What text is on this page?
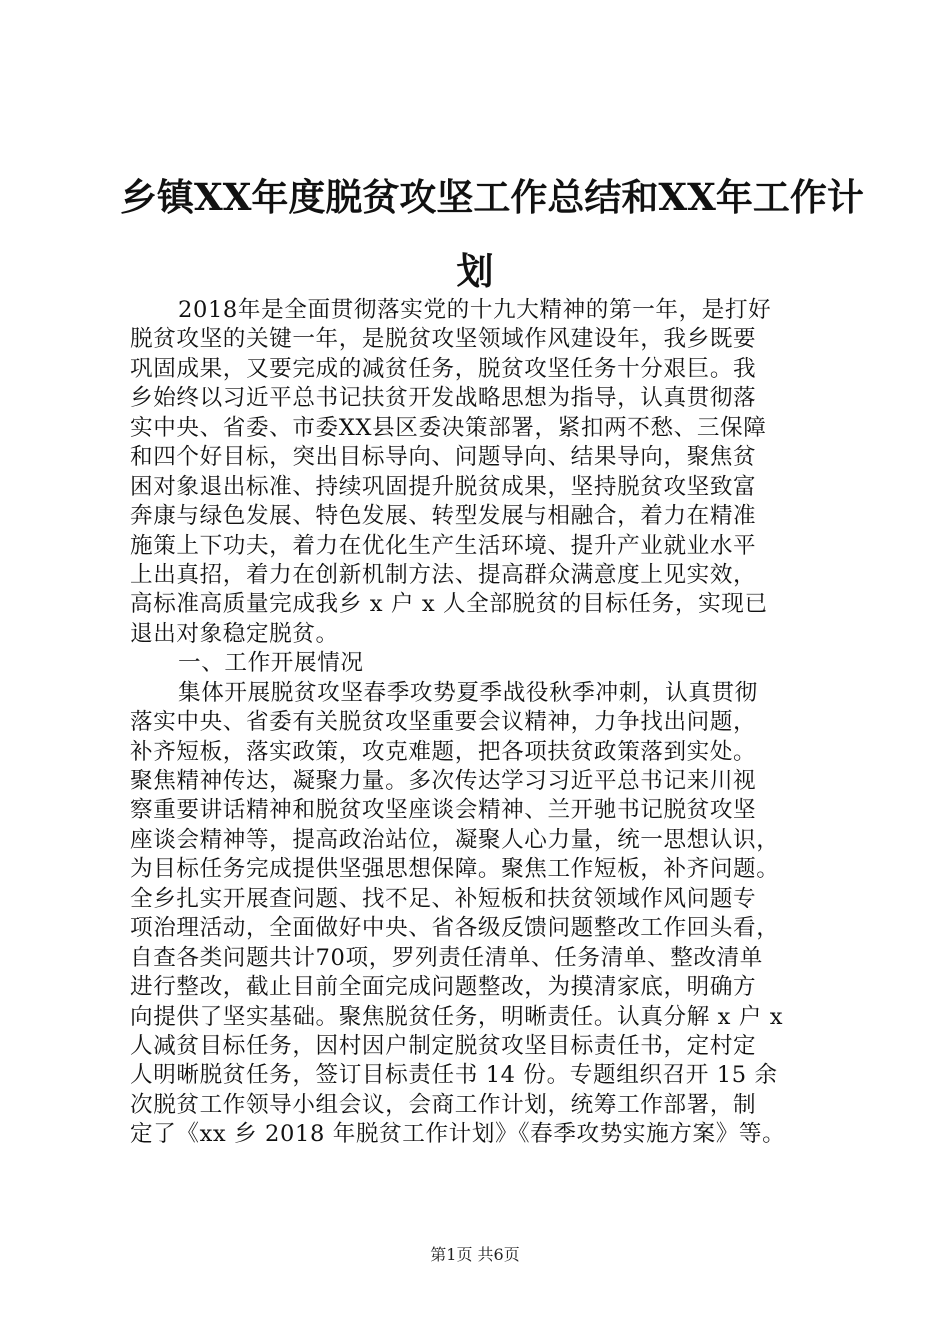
乡镇XX年度脱贫攻坚工作总结和XX年工作计
划
2018年是全面贯彻落实党的十九大精神的第一年，是打好
脱贫攻坚的关键一年，是脱贫攻坚领域作风建设年，我乡既要
巩固成果，又要完成的减贫任务，脱贫攻坚任务十分艰巨。我
乡始终以习近平总书记扶贫开发战略思想为指导，认真贯彻落
实中央、省委、市委XX县区委决策部署，紧扣两不愁、三保障
和四个好目标，突出目标导向、问题导向、结果导向，聚焦贫
困对象退出标准、持续巩固提升脱贫成果，坚持脱贫攻坚致富
奔康与绿色发展、特色发展、转型发展与相融合，着力在精准
施策上下功夫，着力在优化生产生活环境、提升产业就业水平
上出真招，着力在创新机制方法、提高群众满意度上见实效，
高标准高质量完成我乡 x 户 x 人全部脱贫的目标任务，实现已
退出对象稳定脱贫。
一、工作开展情况
集体开展脱贫攻坚春季攻势夏季战役秋季冲刺，认真贯彻
落实中央、省委有关脱贫攻坚重要会议精神，力争找出问题，
补齐短板，落实政策，攻克难题，把各项扶贫政策落到实处。
聚焦精神传达，凝聚力量。多次传达学习习近平总书记来川视
察重要讲话精神和脱贫攻坚座谈会精神、兰开驰书记脱贫攻坚
座谈会精神等，提高政治站位，凝聚人心力量，统一思想认识，
为目标任务完成提供坚强思想保障。聚焦工作短板，补齐问题。
全乡扎实开展查问题、找不足、补短板和扶贫领域作风问题专
项治理活动，全面做好中央、省各级反馈问题整改工作回头看，
自查各类问题共计70项，罗列责任清单、任务清单、整改清单
进行整改，截止目前全面完成问题整改，为摸清家底，明确方
向提供了坚实基础。聚焦脱贫任务，明晰责任。认真分解 x 户 x
人减贫目标任务，因村因户制定脱贫攻坚目标责任书，定村定
人明晰脱贫任务，签订目标责任书 14 份。专题组织召开 15 余
次脱贫工作领导小组会议，会商工作计划，统筹工作部署，制
定了《xx 乡 2018 年脱贫工作计划》《春季攻势实施方案》等。
第1页 共6页
